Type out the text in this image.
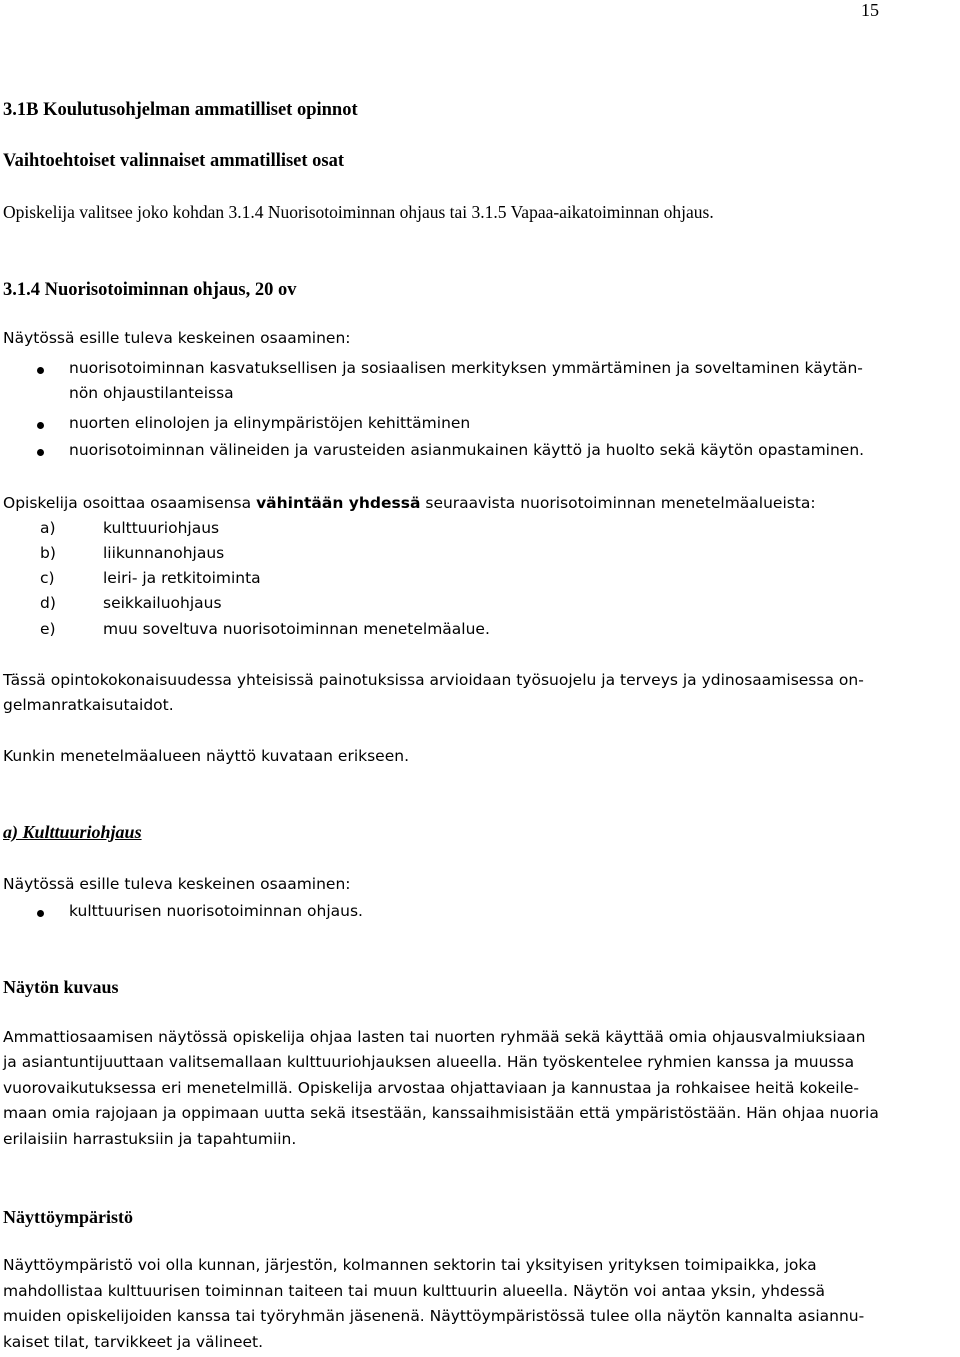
15
3.1B Koulutusohjelman ammatilliset opinnot
Vaihtoehtoiset valinnaiset ammatilliset osat
Opiskelija valitsee joko kohdan 3.1.4 Nuorisotoiminnan ohjaus tai 3.1.5 Vapaa-aikatoiminnan ohjaus.
3.1.4 Nuorisotoiminnan ohjaus, 20 ov
Näytössä esille tuleva keskeinen osaaminen:
nuorisotoiminnan kasvatuksellisen ja sosiaalisen merkityksen ymmärtäminen ja soveltaminen käytän-
nön ohjaustilanteissa
nuorten elinolojen ja elinympäristöjen kehittäminen
nuorisotoiminnan välineiden ja varusteiden asianmukainen käyttö ja huolto sekä käytön opastaminen.
Opiskelija osoittaa osaamisensa vähintään yhdessä seuraavista nuorisotoiminnan menetelmäalueista:
a)	kulttuuriohjaus
b)	liikunnanohjaus
c)	leiri- ja retkitoiminta
d)	seikkailuohjaus
e)	muu soveltuva nuorisotoiminnan menetelmäalue.
Tässä opintokokonaisuudessa yhteisissä painotuksissa arvioidaan työsuojelu ja terveys ja ydinosaamisessa on-
gelmanratkaisutaidot.
Kunkin menetelmäalueen näyttö kuvataan erikseen.
a) Kulttuuriohjaus
Näytössä esille tuleva keskeinen osaaminen:
kulttuurisen nuorisotoiminnan ohjaus.
Näytön kuvaus
Ammattiosaamisen näytössä opiskelija ohjaa lasten tai nuorten ryhmää sekä käyttää omia ohjausvalmiuksiaan
ja asiantuntijuuttaan valitsemallaan kulttuuriohjauksen alueella. Hän työskentelee ryhmien kanssa ja muussa
vuorovaikutuksessa eri menetelmillä. Opiskelija arvostaa ohjattaviaan ja kannustaa ja rohkaisee heitä kokeile-
maan omia rajojaan ja oppimaan uutta sekä itsestään, kanssaihmisistään että ympäristöstään. Hän ohjaa nuoria
erilaisiin harrastuksiin ja tapahtumiin.
Näyttöympäristö
Näyttöympäristö voi olla kunnan, järjestön, kolmannen sektorin tai yksityisen yrityksen toimipaikka, joka
mahdollistaa kulttuurisen toiminnan taiteen tai muun kulttuurin alueella. Näytön voi antaa yksin, yhdessä
muiden opiskelijoiden kanssa tai työryhmän jäsenenä. Näyttöympäristössä tulee olla näytön kannalta asiannu-
kaiset tilat, tarvikkeet ja välineet.
